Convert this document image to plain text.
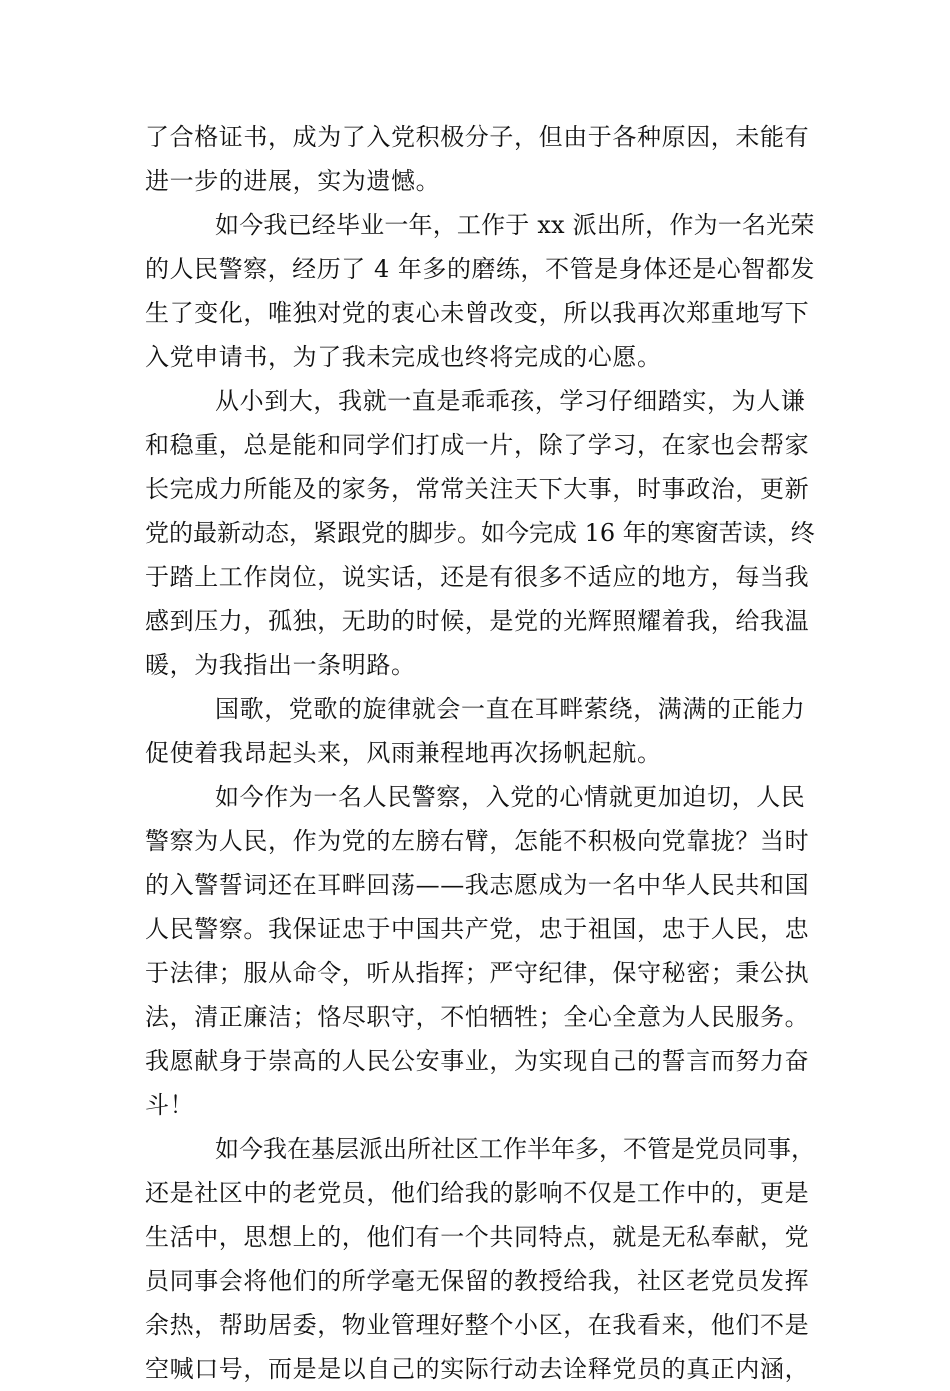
了合格证书，成为了入党积极分子，但由于各种原因，未能有
进一步的进展，实为遗憾。
如今我已经毕业一年，工作于 xx 派出所，作为一名光荣
的人民警察，经历了 4 年多的磨练，不管是身体还是心智都发
生了变化，唯独对党的衷心未曾改变，所以我再次郑重地写下
入党申请书，为了我未完成也终将完成的心愿。
从小到大，我就一直是乖乖孩，学习仔细踏实，为人谦
和稳重，总是能和同学们打成一片，除了学习，在家也会帮家
长完成力所能及的家务，常常关注天下大事，时事政治，更新
党的最新动态，紧跟党的脚步。如今完成 16 年的寒窗苦读，终
于踏上工作岗位，说实话，还是有很多不适应的地方，每当我
感到压力，孤独，无助的时候，是党的光辉照耀着我，给我温
暖，为我指出一条明路。
国歌，党歌的旋律就会一直在耳畔萦绕，满满的正能力
促使着我昂起头来，风雨兼程地再次扬帆起航。
如今作为一名人民警察，入党的心情就更加迫切，人民
警察为人民，作为党的左膀右臂，怎能不积极向党靠拢？当时
的入警誓词还在耳畔回荡——我志愿成为一名中华人民共和国
人民警察。我保证忠于中国共产党，忠于祖国，忠于人民，忠
于法律；服从命令，听从指挥；严守纪律，保守秘密；秉公执
法，清正廉洁；恪尽职守，不怕牺牲；全心全意为人民服务。
我愿献身于崇高的人民公安事业，为实现自己的誓言而努力奋
斗！
如今我在基层派出所社区工作半年多，不管是党员同事，
还是社区中的老党员，他们给我的影响不仅是工作中的，更是
生活中，思想上的，他们有一个共同特点，就是无私奉献，党
员同事会将他们的所学毫无保留的教授给我，社区老党员发挥
余热，帮助居委，物业管理好整个小区，在我看来，他们不是
空喊口号，而是是以自己的实际行动去诠释党员的真正内涵，
